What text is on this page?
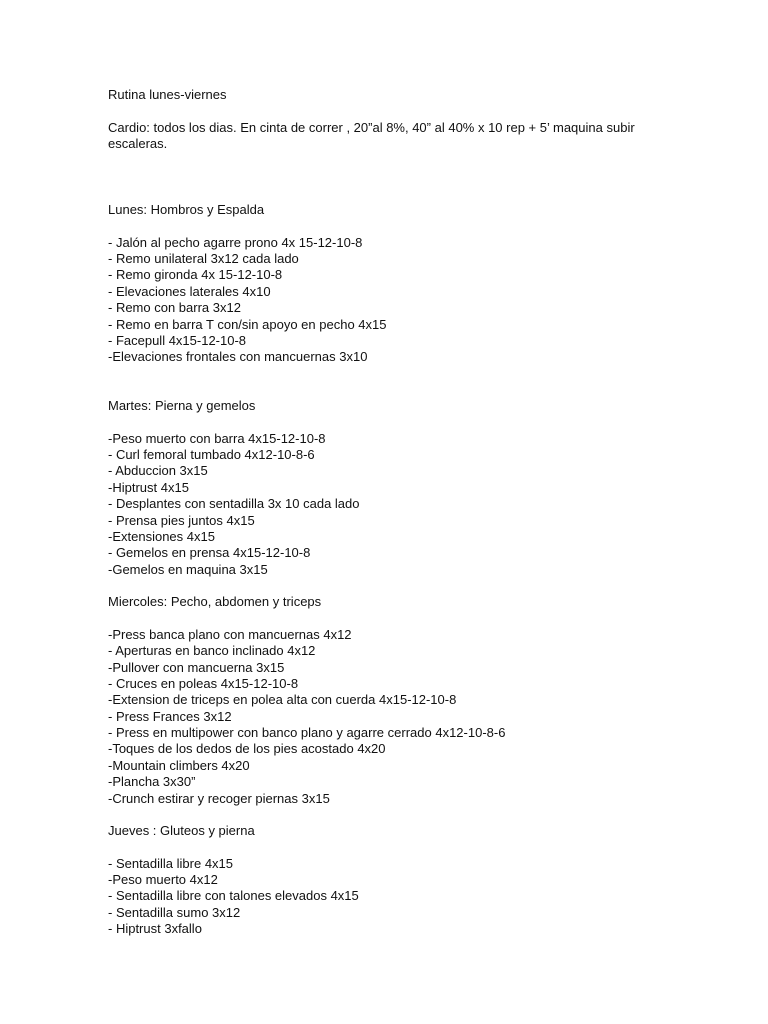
Rutina lunes-viernes
Cardio: todos los dias. En cinta de correr , 20”al 8%, 40” al 40% x 10 rep + 5’ maquina subir escaleras.
Lunes: Hombros y Espalda
- Jalón al pecho agarre prono 4x 15-12-10-8
- Remo unilateral 3x12 cada lado
- Remo gironda 4x 15-12-10-8
- Elevaciones laterales 4x10
- Remo con barra 3x12
- Remo en barra T con/sin apoyo en pecho 4x15
- Facepull 4x15-12-10-8
-Elevaciones frontales con mancuernas 3x10
Martes: Pierna y gemelos
-Peso muerto con barra 4x15-12-10-8
- Curl femoral tumbado 4x12-10-8-6
- Abduccion 3x15
-Hiptrust 4x15
- Desplantes con sentadilla 3x 10 cada lado
- Prensa pies juntos 4x15
-Extensiones 4x15
- Gemelos en prensa 4x15-12-10-8
-Gemelos en maquina 3x15
Miercoles: Pecho, abdomen y triceps
-Press banca plano con mancuernas 4x12
- Aperturas en banco inclinado 4x12
-Pullover con mancuerna 3x15
- Cruces en poleas 4x15-12-10-8
-Extension de triceps en polea alta con cuerda 4x15-12-10-8
- Press Frances 3x12
- Press en multipower con banco plano y agarre cerrado 4x12-10-8-6
-Toques de los dedos de los pies acostado 4x20
-Mountain climbers 4x20
-Plancha 3x30”
-Crunch estirar y recoger piernas 3x15
Jueves : Gluteos y pierna
- Sentadilla libre 4x15
-Peso muerto 4x12
- Sentadilla libre con talones elevados 4x15
- Sentadilla sumo 3x12
- Hiptrust 3xfallo
